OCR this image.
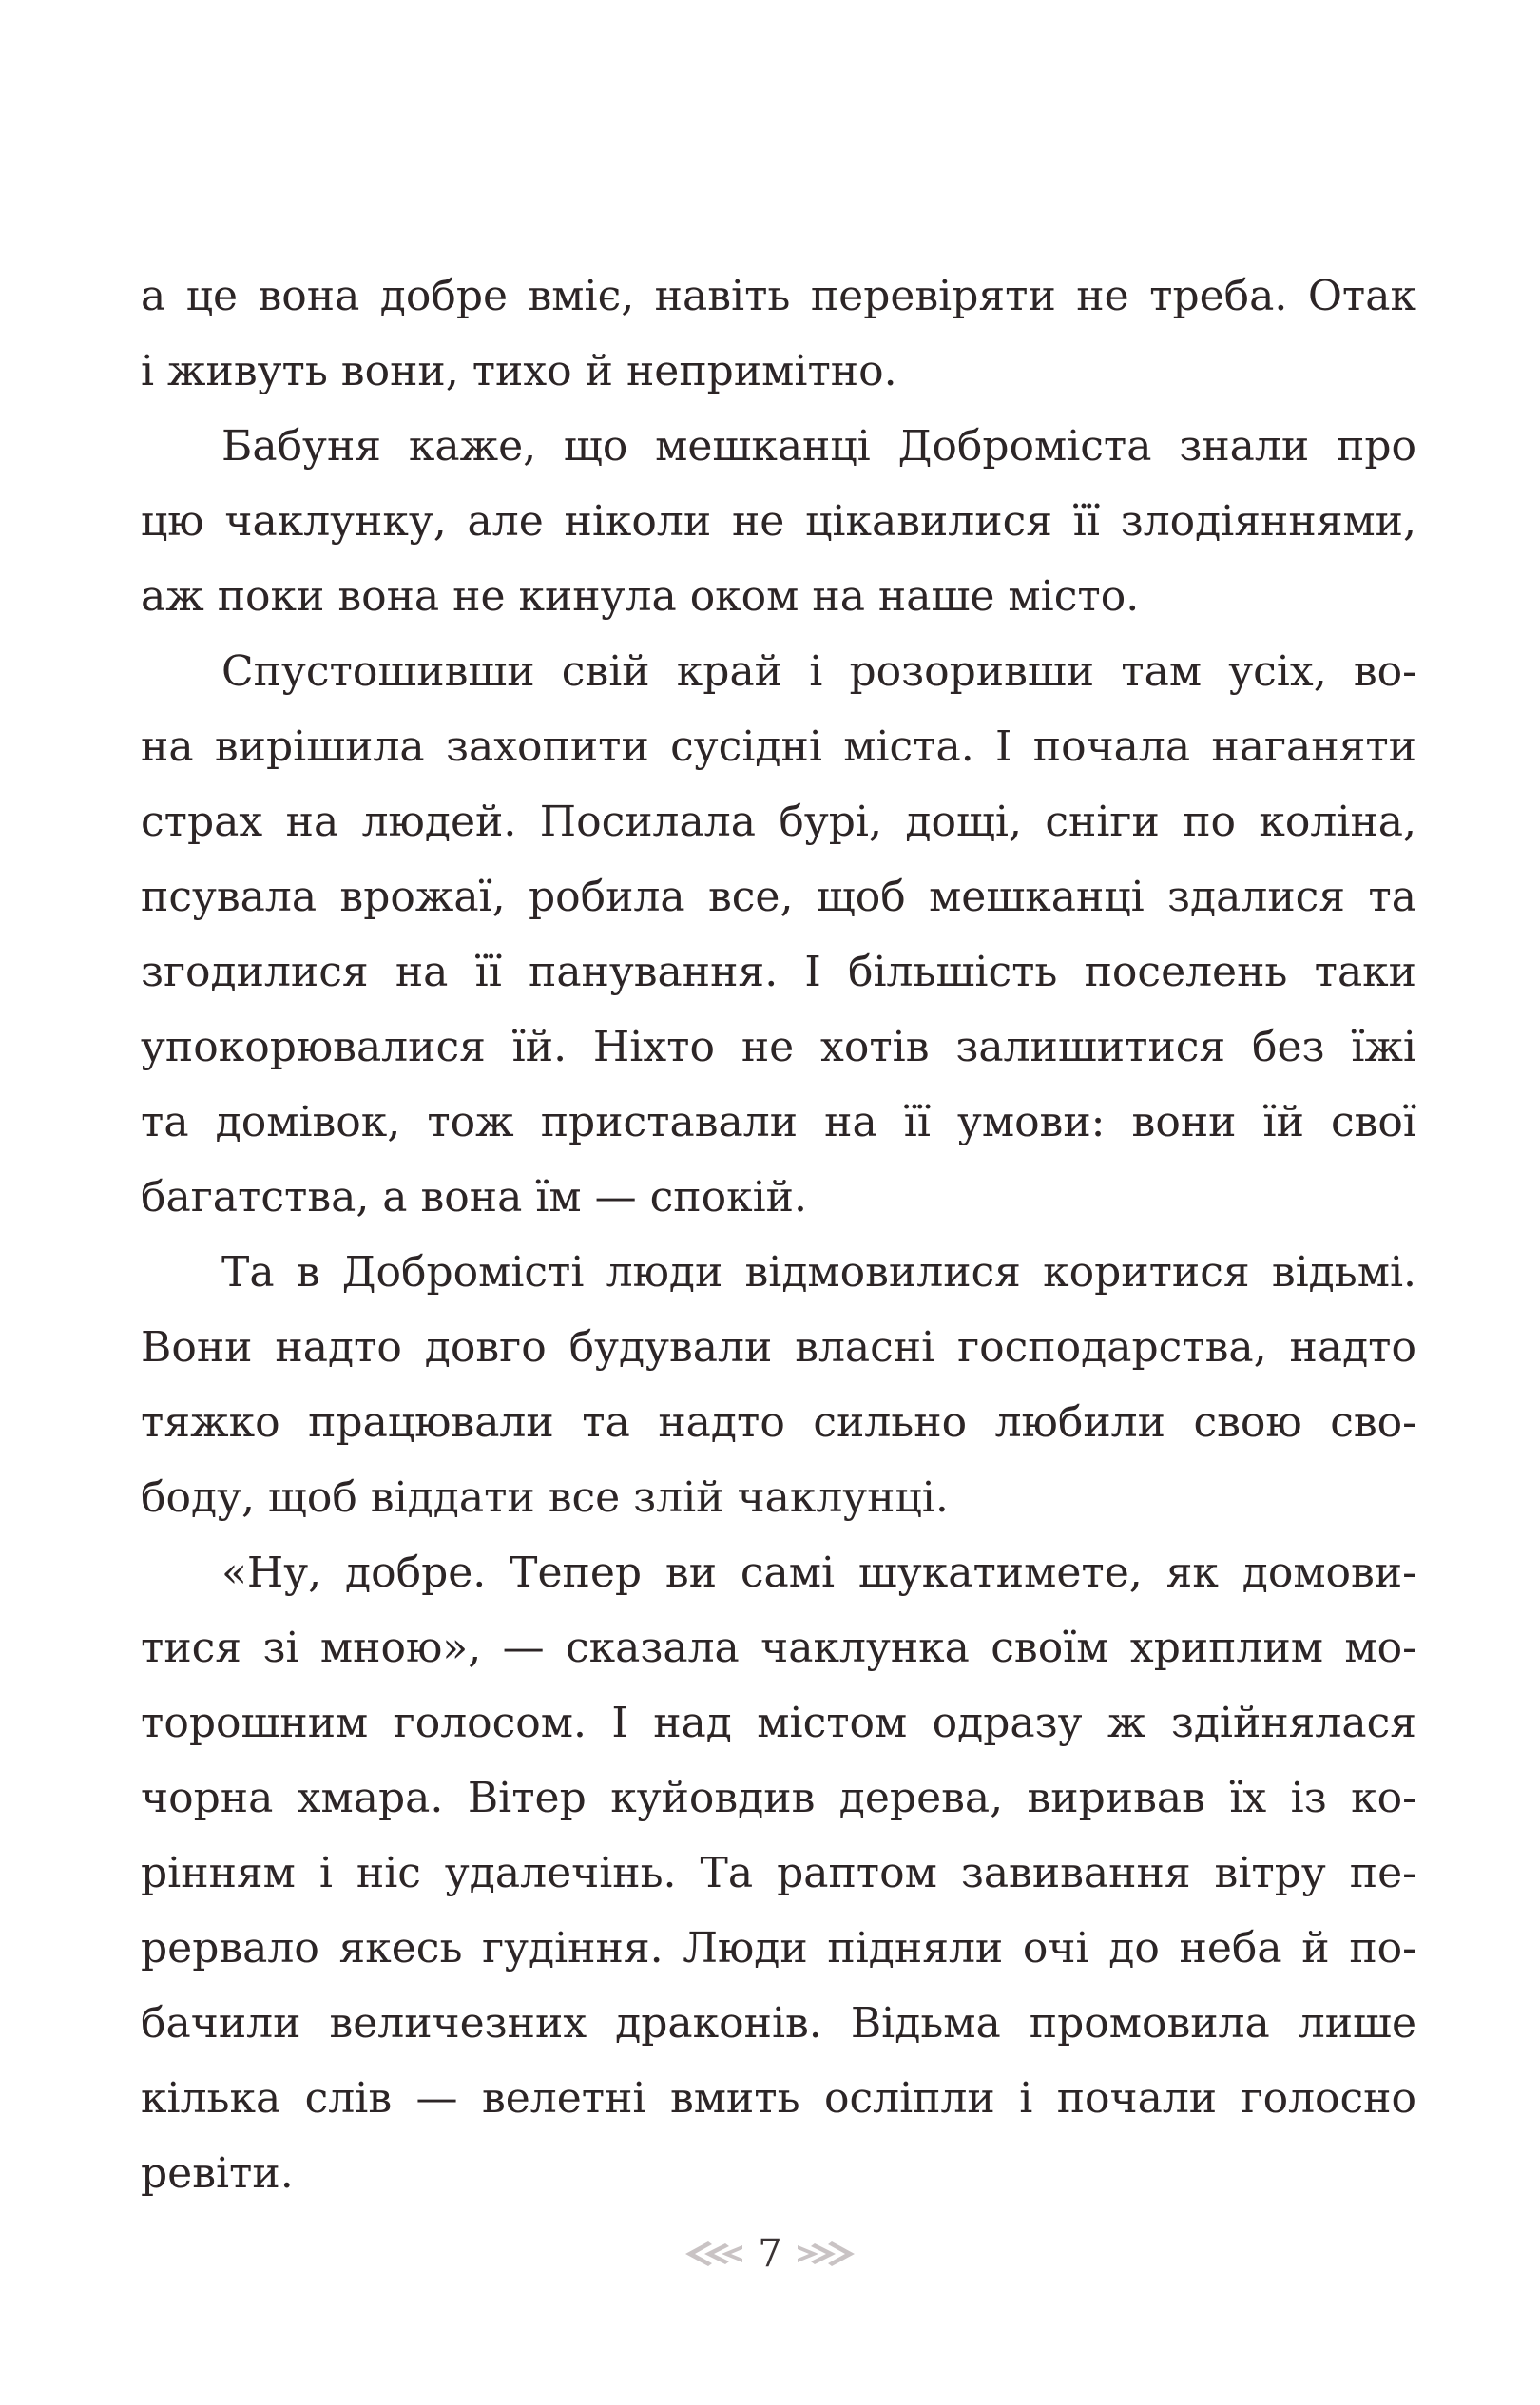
а це вона добре вміє, навіть перевіряти не треба. Отак
і живуть вони, тихо й непримітно.
Бабуня каже, що мешканці Добромістa знали про
цю чаклунку, але ніколи не цікавилися її злодіяннями,
аж поки вона не кинула оком на наше місто.
Спустошивши свій край і розоривши там усіх, во-
на вирішила захопити сусідні міста. І почала наганяти
страх на людей. Посилала бурі, дощі, сніги по коліна,
псувала врожаї, робила все, щоб мешканці здалися та
згодилися на її панування. І більшість поселень таки
упокорювалися їй. Ніхто не хотів залишитися без їжі
та домівок, тож приставали на її умови: вони їй свої
багатства, а вона їм — спокій.
Та в Добромісті люди відмовилися коритися відьмі.
Вони надто довго будували власні господарства, надто
тяжко працювали та надто сильно любили свою сво-
боду, щоб віддати все злій чаклунці.
«Ну, добре. Тепер ви самі шукатимете, як домови-
тися зі мною», — сказала чаклунка своїм хриплим мо-
торошним голосом. І над містом одразу ж здійнялася
чорна хмара. Вітер куйовдив дерева, виривав їх із ко-
рінням і ніс удалечінь. Та раптом завивання вітру пе-
рервало якесь гудіння. Люди підняли очі до неба й по-
бачили величезних драконів. Відьма промовила лише
кілька слів — велетні вмить осліпли і почали голосно
ревіти.
7
